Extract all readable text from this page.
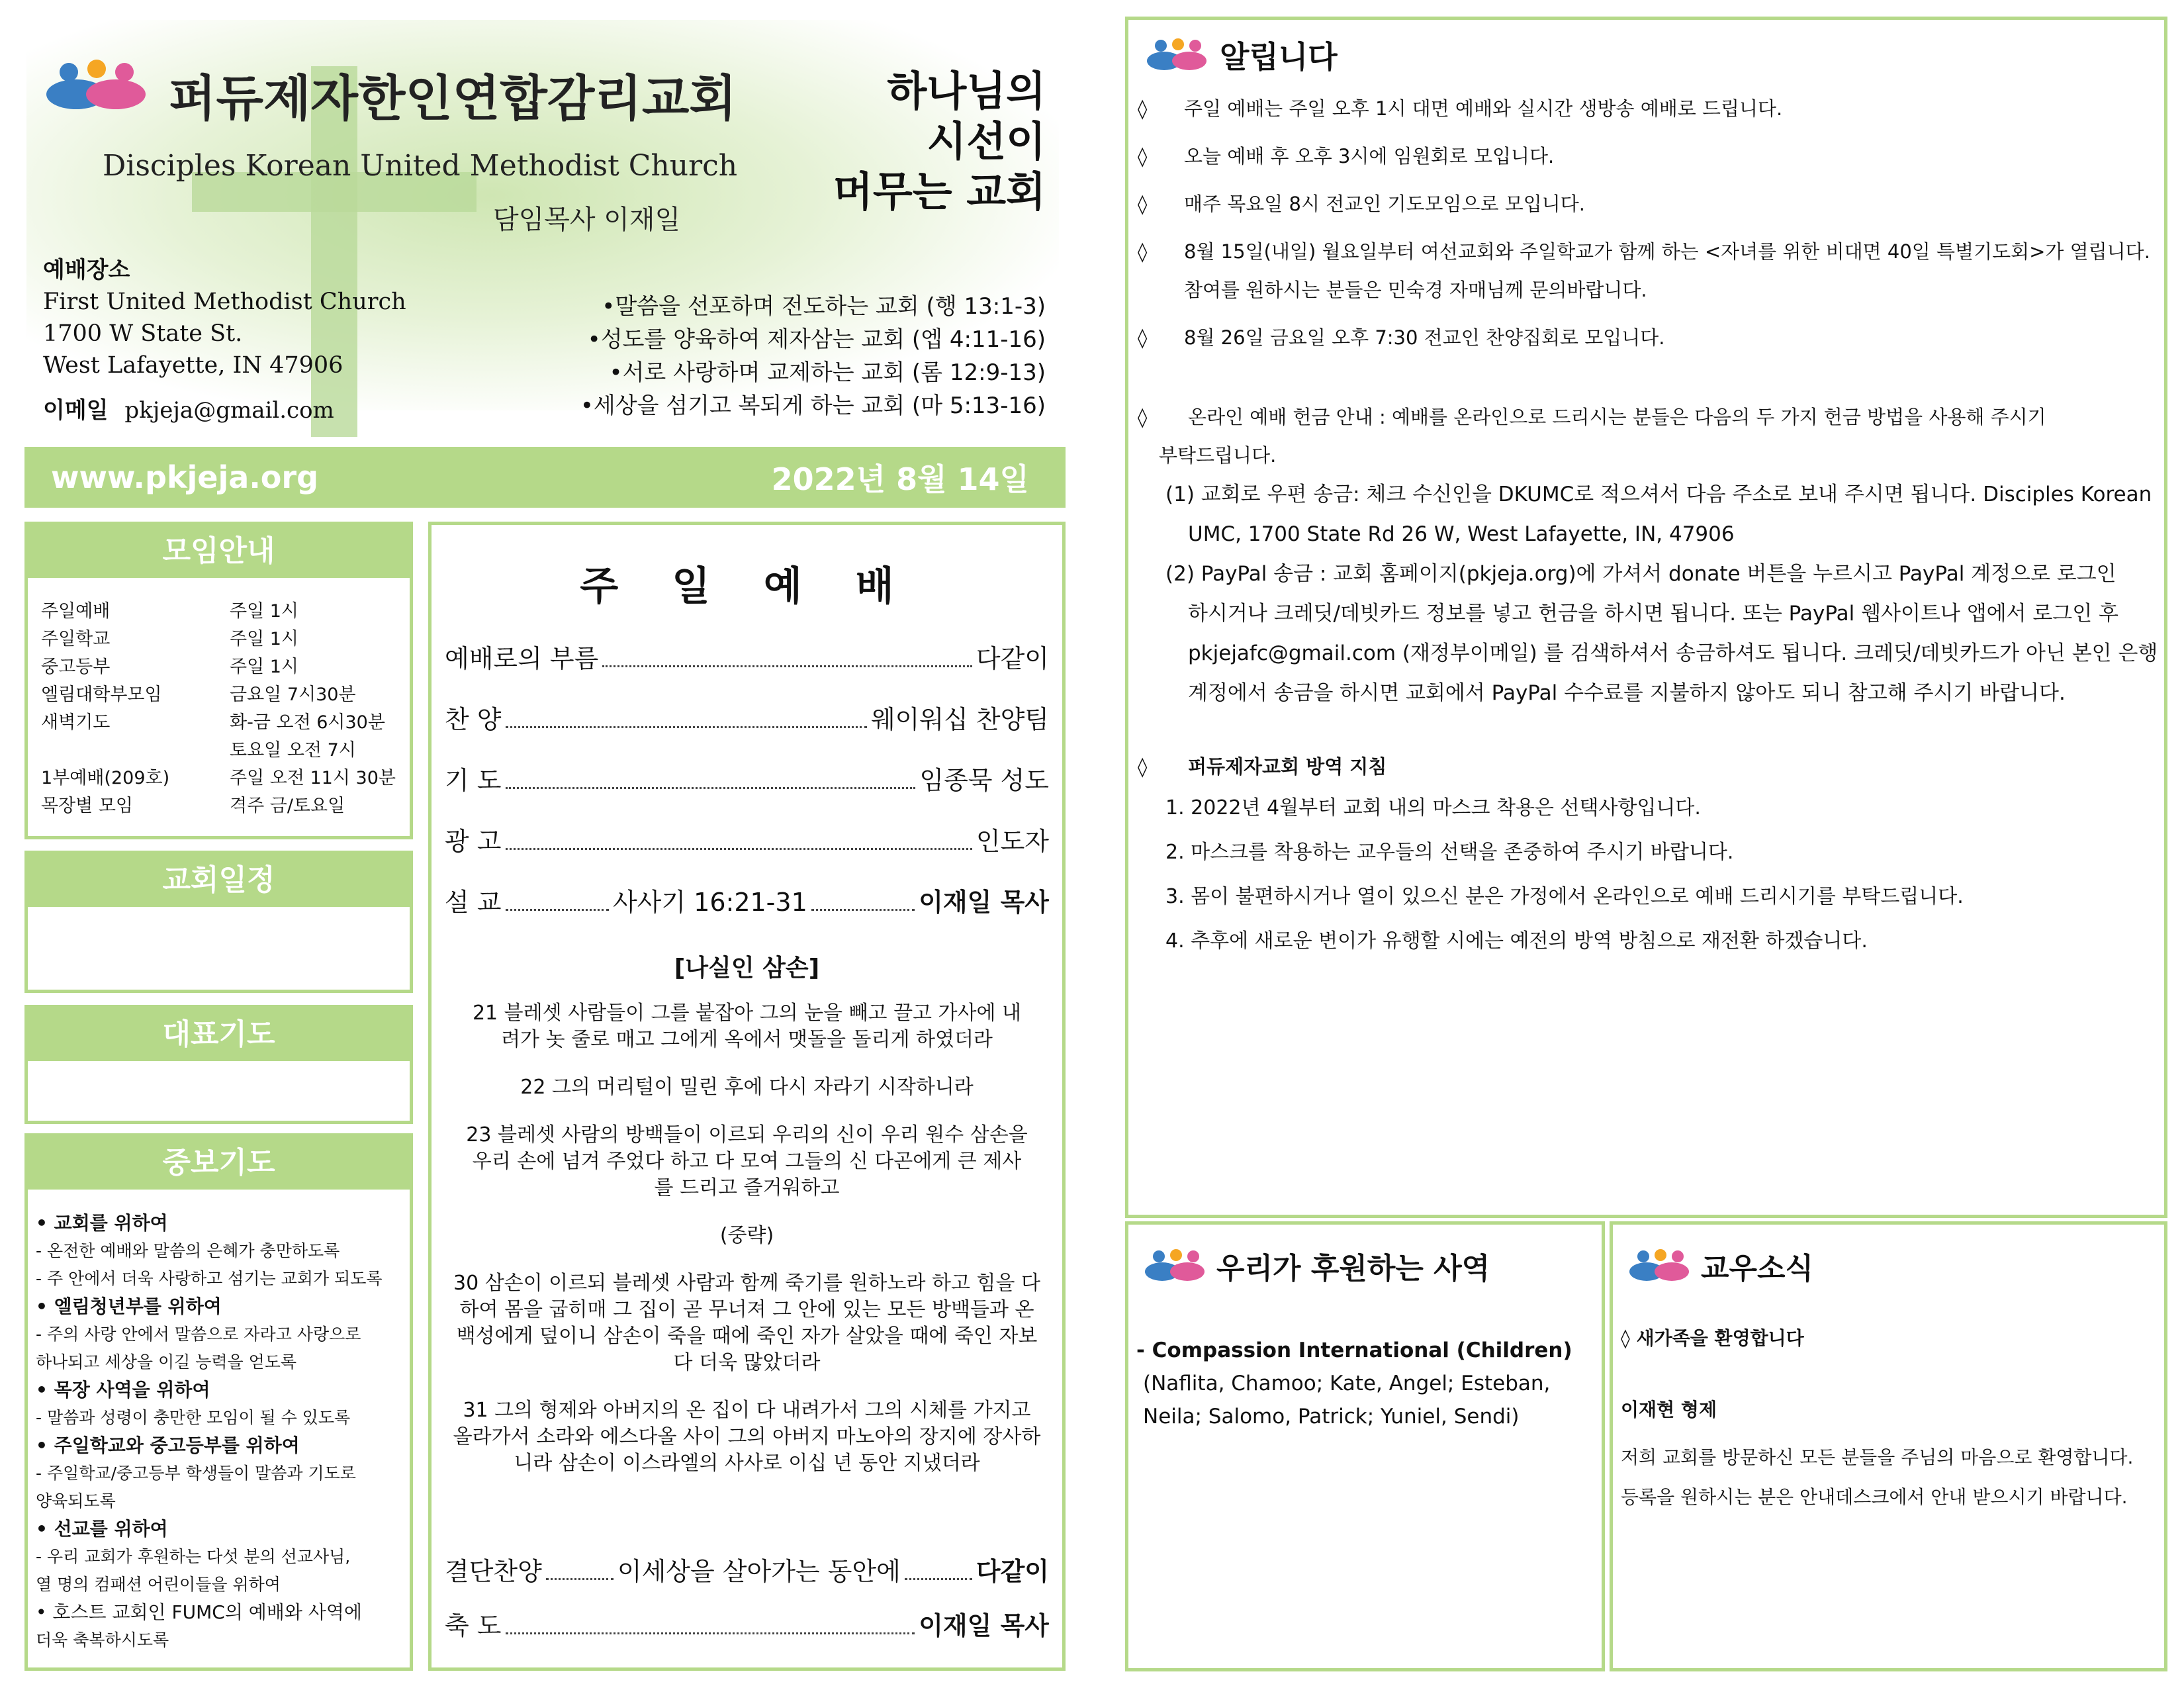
퍼듀제자한인연합감리교회
Disciples Korean United Methodist Church
담임목사 이재일
하나님의
시선이
머무는 교회
예배장소
First United Methodist Church
1700 W State St.
West Lafayette, IN 47906
이메일 pkjeja@gmail.com
•말씀을 선포하며 전도하는 교회 (행 13:1-3)
•성도를 양육하여 제자삼는 교회 (엡 4:11-16)
•서로 사랑하며 교제하는 교회 (롬 12:9-13)
•세상을 섬기고 복되게 하는 교회 (마 5:13-16)
www.pkjeja.org	2022년 8월 14일
모임안내
주일예배	주일 1시
주일학교	주일 1시
중고등부	주일 1시
엘림대학부모임	금요일 7시30분
새벽기도	화-금 오전 6시30분
토요일 오전 7시
1부예배(209호)	주일 오전 11시 30분
목장별 모임	격주 금/토요일
교회일정
대표기도
중보기도
• 교회를 위하여
- 온전한 예배와 말씀의 은혜가 충만하도록
- 주 안에서 더욱 사랑하고 섬기는 교회가 되도록
• 엘림청년부를 위하여
- 주의 사랑 안에서 말씀으로 자라고 사랑으로
하나되고 세상을 이길 능력을 얻도록
• 목장 사역을 위하여
- 말씀과 성령이 충만한 모임이 될 수 있도록
• 주일학교와 중고등부를 위하여
- 주일학교/중고등부 학생들이 말씀과 기도로
양육되도록
• 선교를 위하여
- 우리 교회가 후원하는 다섯 분의 선교사님,
열 명의 컴패션 어린이들을 위하여
• 호스트 교회인 FUMC의 예배와 사역에
더욱 축복하시도록
주 일 예 배
예배로의 부름	다같이
찬 양	웨이워십 찬양팀
기 도	임종묵 성도
광 고	인도자
설 교	사사기 16:21-31	이재일 목사
[나실인 삼손]

21 블레셋 사람들이 그를 붙잡아 그의 눈을 빼고 끌고 가사에 내려가 놋 줄로 매고 그에게 옥에서 맷돌을 돌리게 하였더라

22 그의 머리털이 밀린 후에 다시 자라기 시작하니라

23 블레셋 사람의 방백들이 이르되 우리의 신이 우리 원수 삼손을 우리 손에 넘겨 주었다 하고 다 모여 그들의 신 다곤에게 큰 제사를 드리고 즐거워하고

(중략)

30 삼손이 이르되 블레셋 사람과 함께 죽기를 원하노라 하고 힘을 다하여 몸을 굽히매 그 집이 곧 무너져 그 안에 있는 모든 방백들과 온 백성에게 덮이니 삼손이 죽을 때에 죽인 자가 살았을 때에 죽인 자보다 더욱 많았더라

31 그의 형제와 아버지의 온 집이 다 내려가서 그의 시체를 가지고 올라가서 소라와 에스다올 사이 그의 아버지 마노아의 장지에 장사하니라 삼손이 이스라엘의 사사로 이십 년 동안 지냈더라

결단찬양	이세상을 살아가는 동안에	다같이
축 도	이재일 목사
알립니다
◊	주일 예배는 주일 오후 1시 대면 예배와 실시간 생방송 예배로 드립니다.
◊	오늘 예배 후 오후 3시에 임원회로 모입니다.
◊	매주 목요일 8시 전교인 기도모임으로 모입니다.
◊	8월 15일(내일) 월요일부터 여선교회와 주일학교가 함께 하는 <자녀를 위한 비대면 40일 특별기도회>가 열립니다.
참여를 원하시는 분들은 민숙경 자매님께 문의바랍니다.
◊	8월 26일 금요일 오후 7:30 전교인 찬양집회로 모입니다.
◊	온라인 예배 헌금 안내 : 예배를 온라인으로 드리시는 분들은 다음의 두 가지 헌금 방법을 사용해 주시기
부탁드립니다.
(1) 교회로 우편 송금: 체크 수신인을 DKUMC로 적으셔서 다음 주소로 보내 주시면 됩니다. Disciples Korean
UMC, 1700 State Rd 26 W, West Lafayette, IN, 47906
(2) PayPal 송금 : 교회 홈페이지(pkjeja.org)에 가셔서 donate 버튼을 누르시고 PayPal 계정으로 로그인
하시거나 크레딧/데빗카드 정보를 넣고 헌금을 하시면 됩니다. 또는 PayPal 웹사이트나 앱에서 로그인 후
pkjejafc@gmail.com (재정부이메일) 를 검색하셔서 송금하셔도 됩니다. 크레딧/데빗카드가 아닌 본인 은행
계정에서 송금을 하시면 교회에서 PayPal 수수료를 지불하지 않아도 되니 참고해 주시기 바랍니다.
◊	퍼듀제자교회 방역 지침
1. 2022년 4월부터 교회 내의 마스크 착용은 선택사항입니다.
2. 마스크를 착용하는 교우들의 선택을 존중하여 주시기 바랍니다.
3. 몸이 불편하시거나 열이 있으신 분은 가정에서 온라인으로 예배 드리시기를 부탁드립니다.
4. 추후에 새로운 변이가 유행할 시에는 예전의 방역 방침으로 재전환 하겠습니다.
우리가 후원하는 사역
- Compassion International (Children)
(Naflita, Chamoo; Kate, Angel; Esteban,
Neila; Salomo, Patrick; Yuniel, Sendi)
교우소식
◊ 새가족을 환영합니다
이재현 형제
저희 교회를 방문하신 모든 분들을 주님의 마음으로 환영합니다.
등록을 원하시는 분은 안내데스크에서 안내 받으시기 바랍니다.
